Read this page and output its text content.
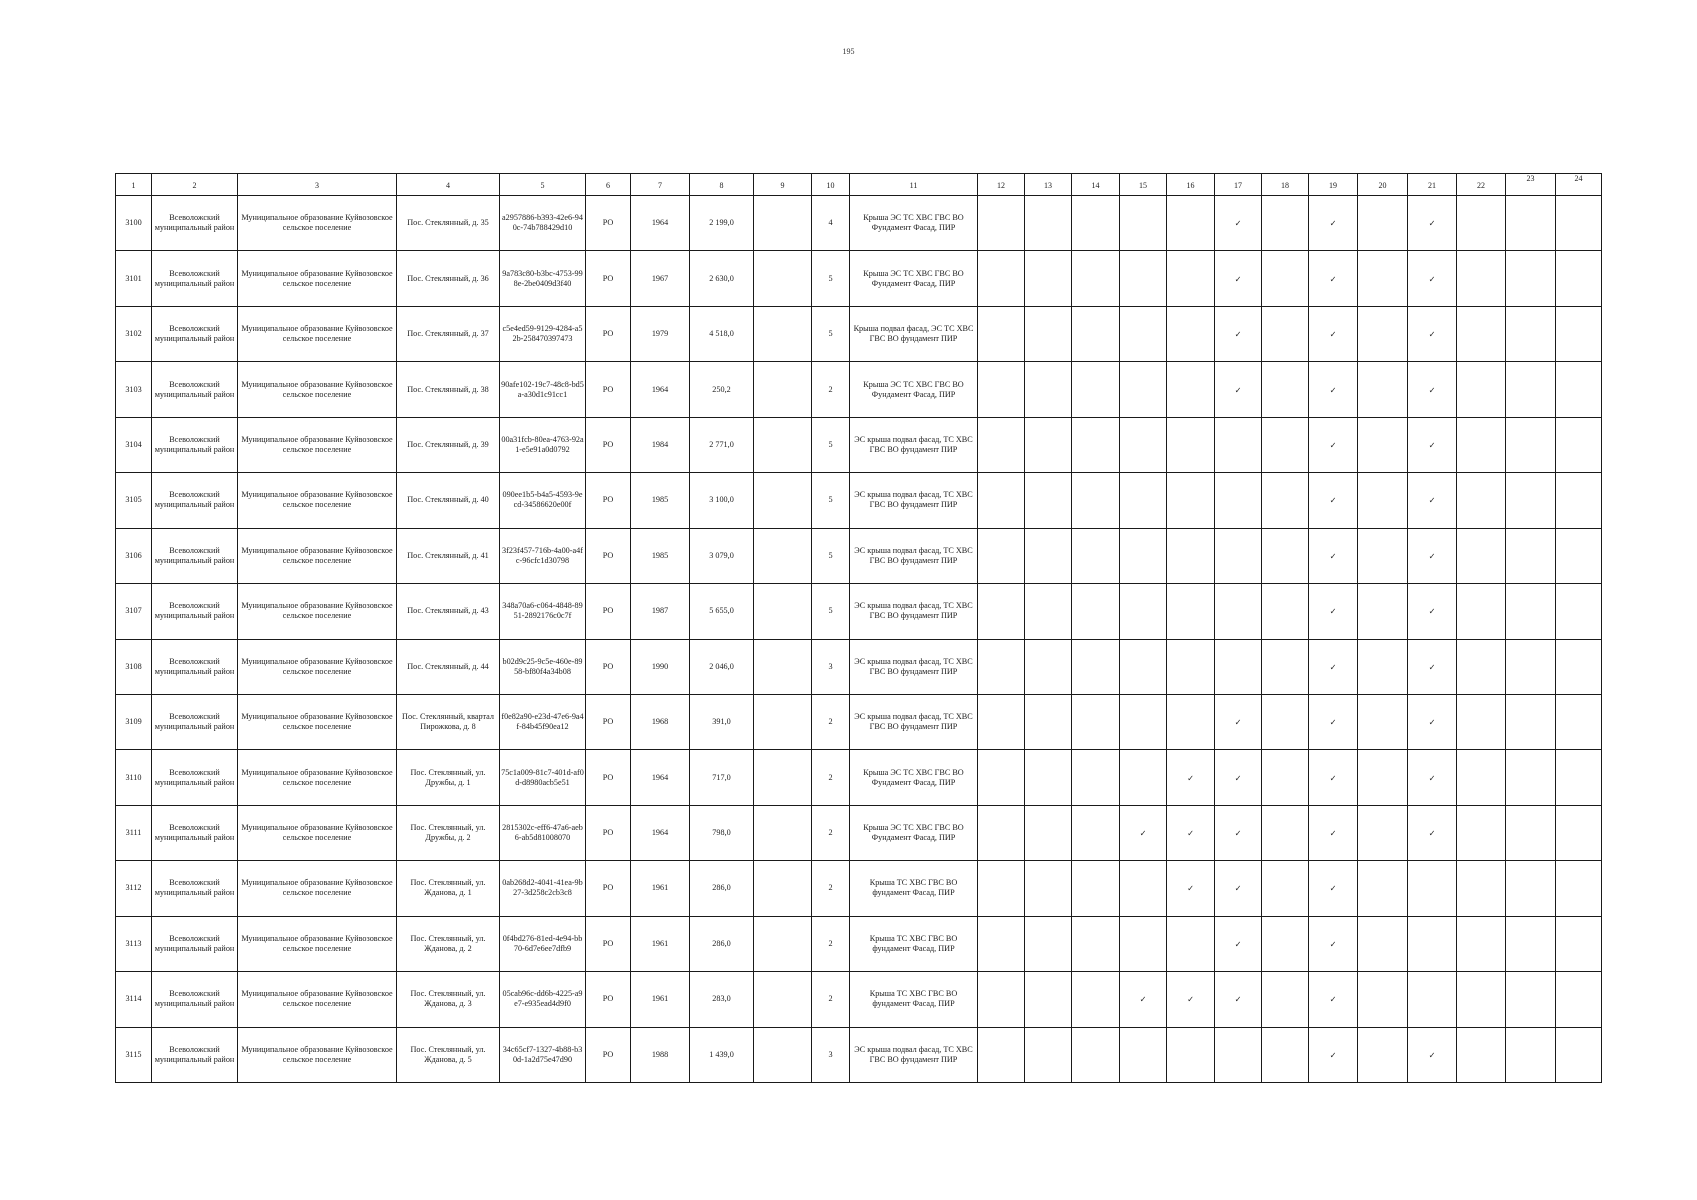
195
1	2	3	4	5	6	7	8	9	10	11	12	13	14	15	16	17	18	19	20	21	22	23	24
3100	Всеволожский муниципальный район	Муниципальное образование Куйвозовское сельское поселение	Пос. Стеклянный, д. 35	a2957886-b393-42e6-940c-74b788429d10	РО	1964	2 199,0		4	Крыша ЭС ТС ХВС ГВС ВО Фундамент Фасад, ПИР						✓		✓		✓			
3101	Всеволожский муниципальный район	Муниципальное образование Куйвозовское сельское поселение	Пос. Стеклянный, д. 36	9a783c80-b3bc-4753-998e-2be0409d3f40	РО	1967	2 630,0		5	Крыша ЭС ТС ХВС ГВС ВО Фундамент Фасад, ПИР						✓		✓		✓			
3102	Всеволожский муниципальный район	Муниципальное образование Куйвозовское сельское поселение	Пос. Стеклянный, д. 37	c5e4ed59-9129-4284-a52b-258470397473	РО	1979	4 518,0		5	Крыша подвал фасад, ЭС ТС ХВС ГВС ВО фундамент ПИР						✓		✓		✓			
3103	Всеволожский муниципальный район	Муниципальное образование Куйвозовское сельское поселение	Пос. Стеклянный, д. 38	90afe102-19c7-48c8-bd5a-a30d1c91cc1	РО	1964	250,2		2	Крыша ЭС ТС ХВС ГВС ВО Фундамент Фасад, ПИР						✓		✓		✓			
3104	Всеволожский муниципальный район	Муниципальное образование Куйвозовское сельское поселение	Пос. Стеклянный, д. 39	00a31fcb-80ea-4763-92a1-e5e91a0d0792	РО	1984	2 771,0		5	ЭС крыша подвал фасад, ТС ХВС ГВС ВО фундамент ПИР								✓		✓			
3105	Всеволожский муниципальный район	Муниципальное образование Куйвозовское сельское поселение	Пос. Стеклянный, д. 40	090ee1b5-b4a5-4593-9ecd-34586620e00f	РО	1985	3 100,0		5	ЭС крыша подвал фасад, ТС ХВС ГВС ВО фундамент ПИР								✓		✓			
3106	Всеволожский муниципальный район	Муниципальное образование Куйвозовское сельское поселение	Пос. Стеклянный, д. 41	3f23f457-716b-4a00-a4fc-96cfc1d30798	РО	1985	3 079,0		5	ЭС крыша подвал фасад, ТС ХВС ГВС ВО фундамент ПИР								✓		✓			
3107	Всеволожский муниципальный район	Муниципальное образование Куйвозовское сельское поселение	Пос. Стеклянный, д. 43	348a70a6-c064-4848-8951-2892176c0c7f	РО	1987	5 655,0		5	ЭС крыша подвал фасад, ТС ХВС ГВС ВО фундамент ПИР								✓		✓			
3108	Всеволожский муниципальный район	Муниципальное образование Куйвозовское сельское поселение	Пос. Стеклянный, д. 44	b02d9c25-9c5e-460e-8958-bf80f4a34b08	РО	1990	2 046,0		3	ЭС крыша подвал фасад, ТС ХВС ГВС ВО фундамент ПИР								✓		✓			
3109	Всеволожский муниципальный район	Муниципальное образование Куйвозовское сельское поселение	Пос. Стеклянный, квартал Пирожкова, д. 8	f0e82a90-e23d-47e6-9a4f-84b45f90ea12	РО	1968	391,0		2	ЭС крыша подвал фасад, ТС ХВС ГВС ВО фундамент ПИР						✓		✓		✓			
3110	Всеволожский муниципальный район	Муниципальное образование Куйвозовское сельское поселение	Пос. Стеклянный, ул. Дружбы, д. 1	75c1a009-81c7-401d-af0d-d8980acb5e51	РО	1964	717,0		2	Крыша ЭС ТС ХВС ГВС ВО Фундамент Фасад, ПИР					✓	✓		✓		✓			
3111	Всеволожский муниципальный район	Муниципальное образование Куйвозовское сельское поселение	Пос. Стеклянный, ул. Дружбы, д. 2	2815302c-eff6-47a6-aeb6-ab5d81008070	РО	1964	798,0		2	Крыша ЭС ТС ХВС ГВС ВО Фундамент Фасад, ПИР				✓	✓	✓		✓		✓			
3112	Всеволожский муниципальный район	Муниципальное образование Куйвозовское сельское поселение	Пос. Стеклянный, ул. Жданова, д. 1	0ab268d2-4041-41ea-9b27-3d258c2cb3c8	РО	1961	286,0		2	Крыша ТС ХВС ГВС ВО фундамент Фасад, ПИР					✓	✓		✓					
3113	Всеволожский муниципальный район	Муниципальное образование Куйвозовское сельское поселение	Пос. Стеклянный, ул. Жданова, д. 2	0f4bd276-81ed-4e94-bb70-6d7e6ee7dfb9	РО	1961	286,0		2	Крыша ТС ХВС ГВС ВО фундамент Фасад, ПИР						✓		✓					
3114	Всеволожский муниципальный район	Муниципальное образование Куйвозовское сельское поселение	Пос. Стеклянный, ул. Жданова, д. 3	05cab96c-dd6b-4225-a9e7-e935ead4d9f0	РО	1961	283,0		2	Крыша ТС ХВС ГВС ВО фундамент Фасад, ПИР				✓	✓	✓		✓					
3115	Всеволожский муниципальный район	Муниципальное образование Куйвозовское сельское поселение	Пос. Стеклянный, ул. Жданова, д. 5	34c65cf7-1327-4b88-b30d-1a2d75e47d90	РО	1988	1 439,0		3	ЭС крыша подвал фасад, ТС ХВС ГВС ВО фундамент ПИР								✓		✓			
